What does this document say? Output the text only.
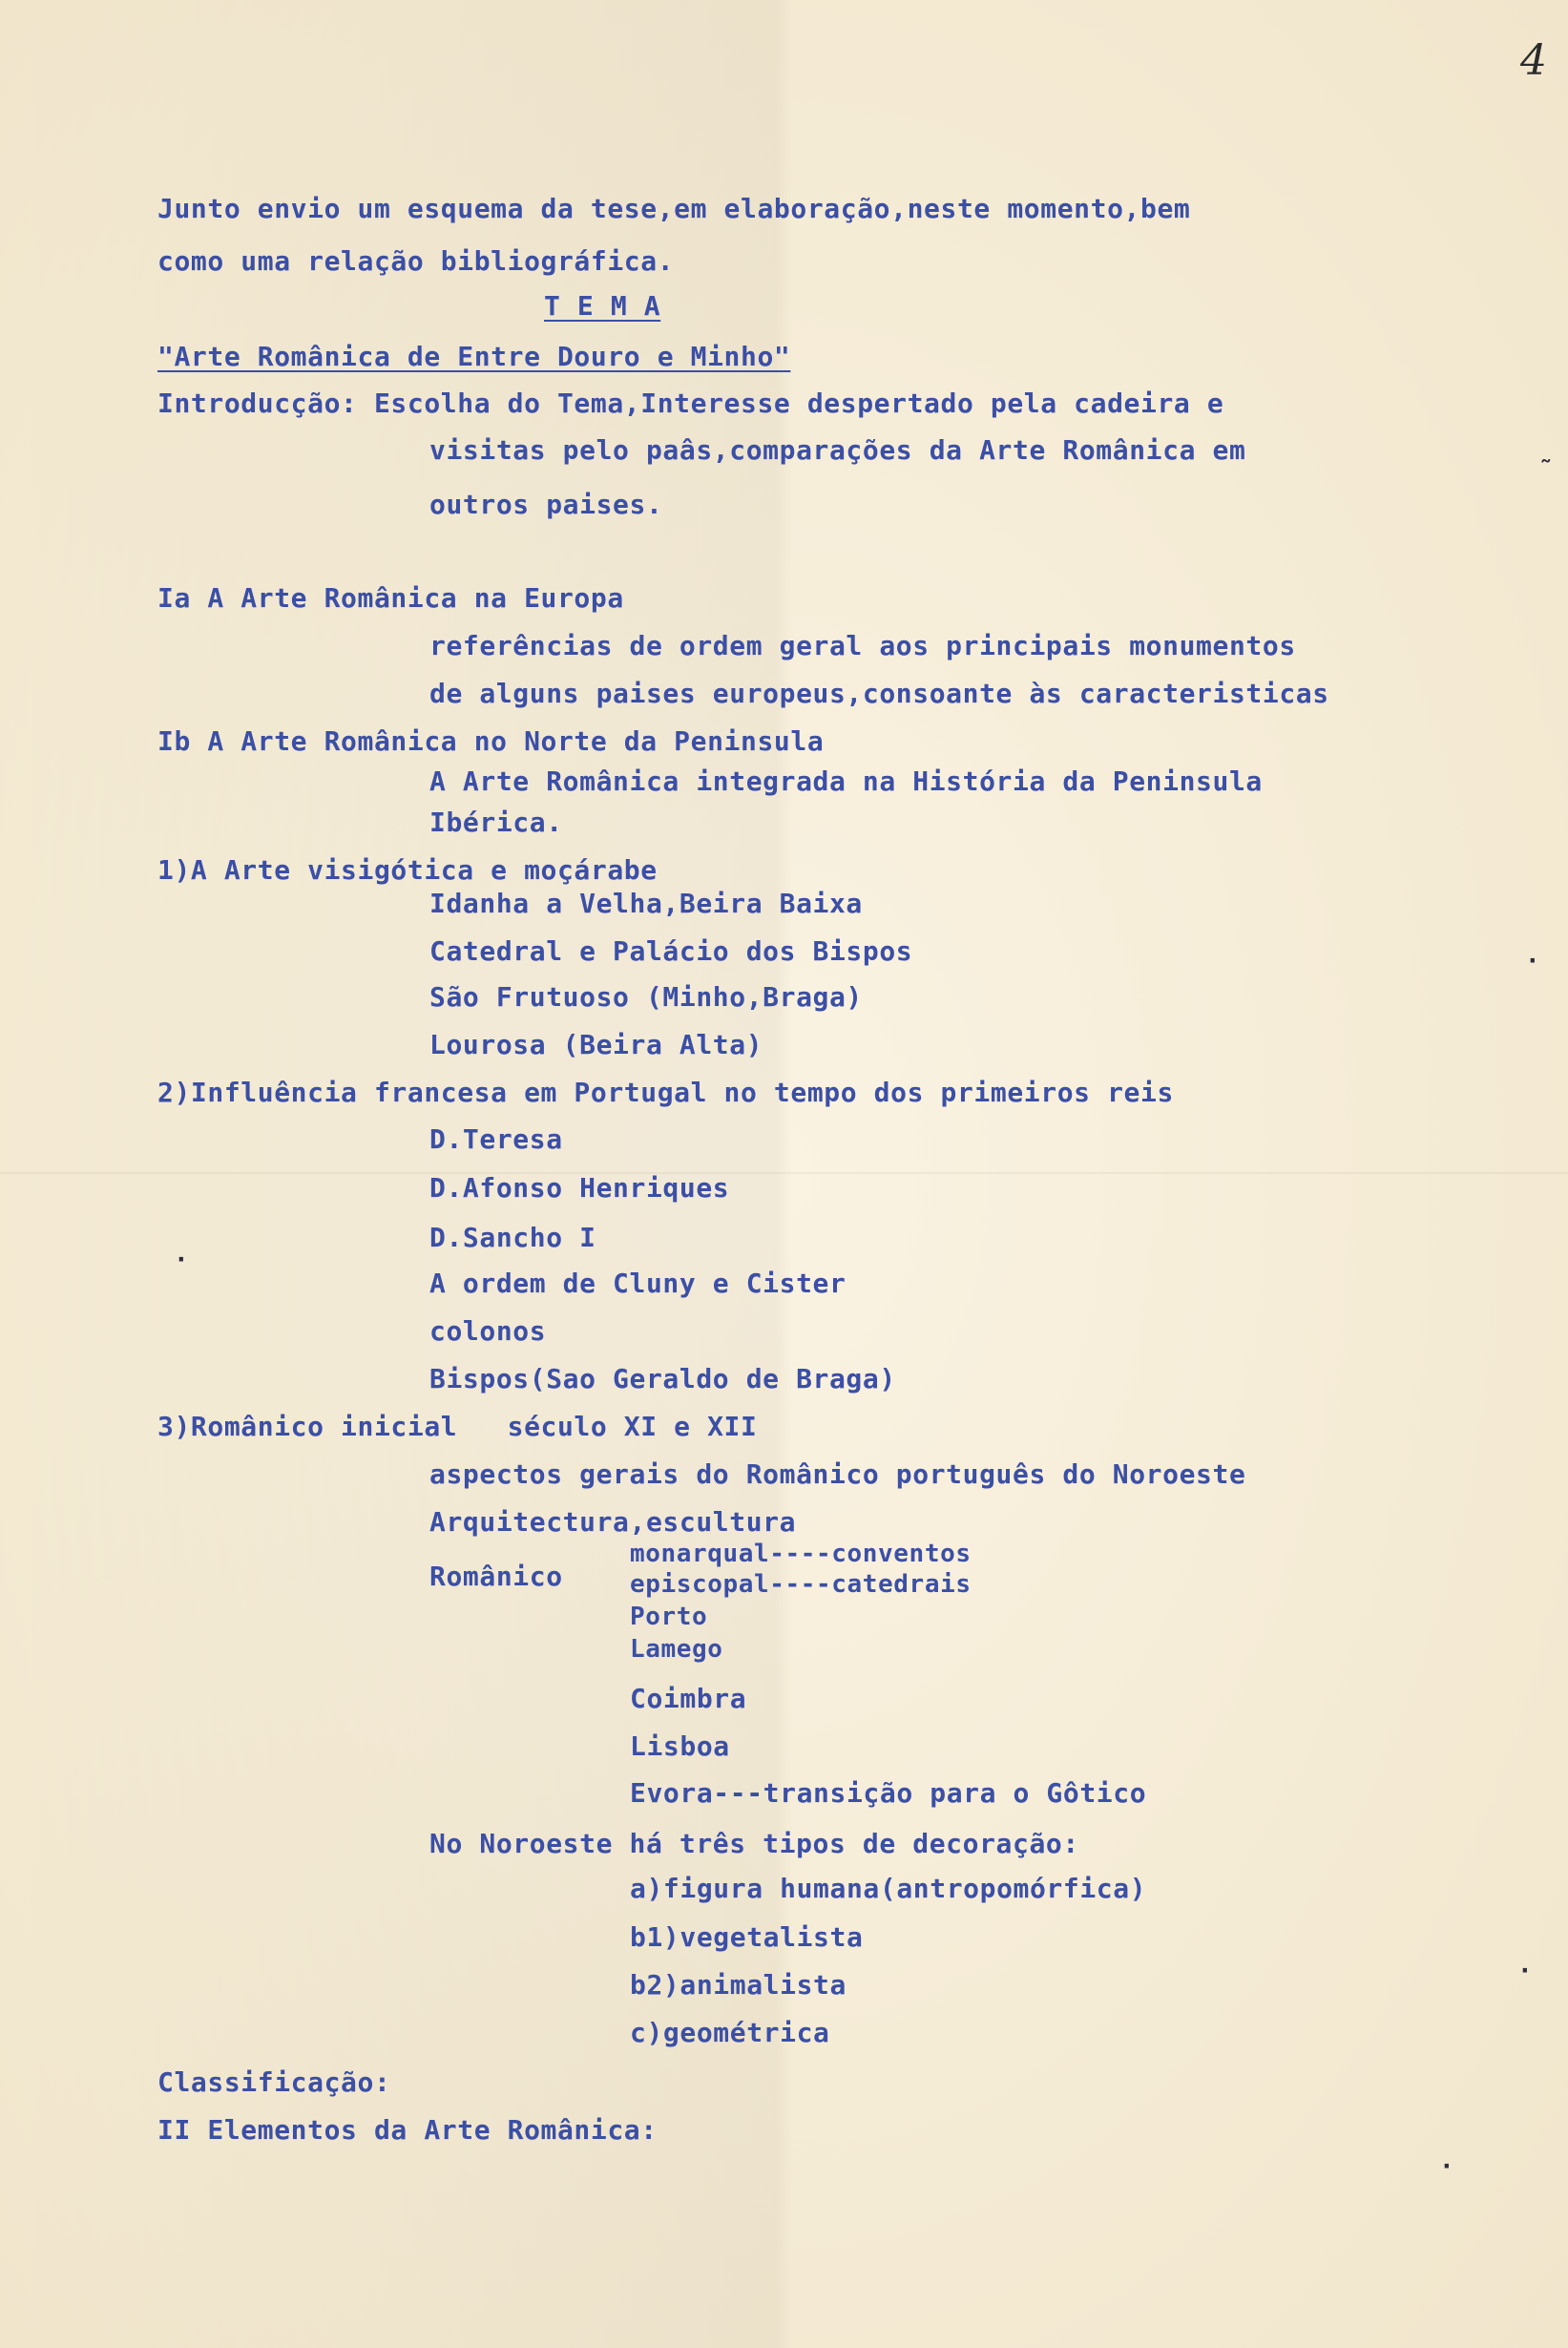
4
Junto envio um esquema da tese,em elaboração,neste momento,bem
como uma relação bibliográfica.
T E M A
"Arte Românica de Entre Douro e Minho"
Introducção: Escolha do Tema,Interesse despertado pela cadeira e
visitas pelo paâs,comparações da Arte Românica em
outros paises.
Ia A Arte Românica na Europa
referências de ordem geral aos principais monumentos
de alguns paises europeus,consoante às caracteristicas
Ib A Arte Românica no Norte da Peninsula
A Arte Românica integrada na História da Peninsula
Ibérica.
1)A Arte visigótica e moçárabe
Idanha a Velha,Beira Baixa
Catedral e Palácio dos Bispos
São Frutuoso (Minho,Braga)
Lourosa (Beira Alta)
2)Influência francesa em Portugal no tempo dos primeiros reis
D.Teresa
D.Afonso Henriques
D.Sancho I
A ordem de Cluny e Cister
colonos
Bispos(Sao Geraldo de Braga)
3)Românico inicial   século XI e XII
aspectos gerais do Românico português do Noroeste
Arquitectura,escultura
Românico
monarqual----conventos
episcopal----catedrais
Porto
Lamego
Coimbra
Lisboa
Evora---transição para o Gôtico
No Noroeste há três tipos de decoração:
a)figura humana(antropomórfica)
b1)vegetalista
b2)animalista
c)geométrica
Classificação:
II Elementos da Arte Românica:
˜
·
·
·
·
